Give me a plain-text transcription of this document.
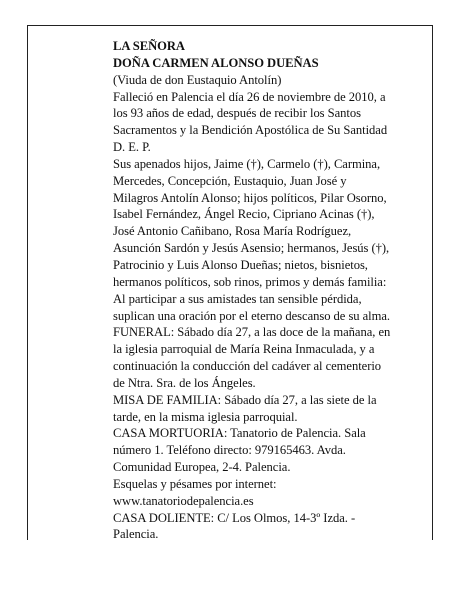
LA SEÑORA
DOÑA CARMEN ALONSO DUEÑAS
(Viuda de don Eustaquio Antolín)
Falleció en Palencia el día 26 de noviembre de 2010, a
los 93 años de edad, después de recibir los Santos
Sacramentos y la Bendición Apostólica de Su Santidad
D. E. P.
Sus apenados hijos, Jaime (†), Carmelo (†), Carmina,
Mercedes, Concepción, Eustaquio, Juan José y
Milagros Antolín Alonso; hijos políticos, Pilar Osorno,
Isabel Fernández, Ángel Recio, Cipriano Acinas (†),
José Antonio Cañibano, Rosa María Rodríguez,
Asunción Sardón y Jesús Asensio; hermanos, Jesús (†),
Patrocinio y Luis Alonso Dueñas; nietos, bisnietos,
hermanos políticos, sob rinos, primos y demás familia:
Al participar a sus amistades tan sensible pérdida,
suplican una oración por el eterno descanso de su alma.
FUNERAL: Sábado día 27, a las doce de la mañana, en
la iglesia parroquial de María Reina Inmaculada, y a
continuación la conducción del cadáver al cementerio
de Ntra. Sra. de los Ángeles.
MISA DE FAMILIA: Sábado día 27, a las siete de la
tarde, en la misma iglesia parroquial.
CASA MORTUORIA: Tanatorio de Palencia. Sala
número 1. Teléfono directo: 979165463. Avda.
Comunidad Europea, 2-4. Palencia.
Esquelas y pésames por internet:
www.tanatoriodepalencia.es
CASA DOLIENTE: C/ Los Olmos, 14-3º Izda. -
Palencia.
